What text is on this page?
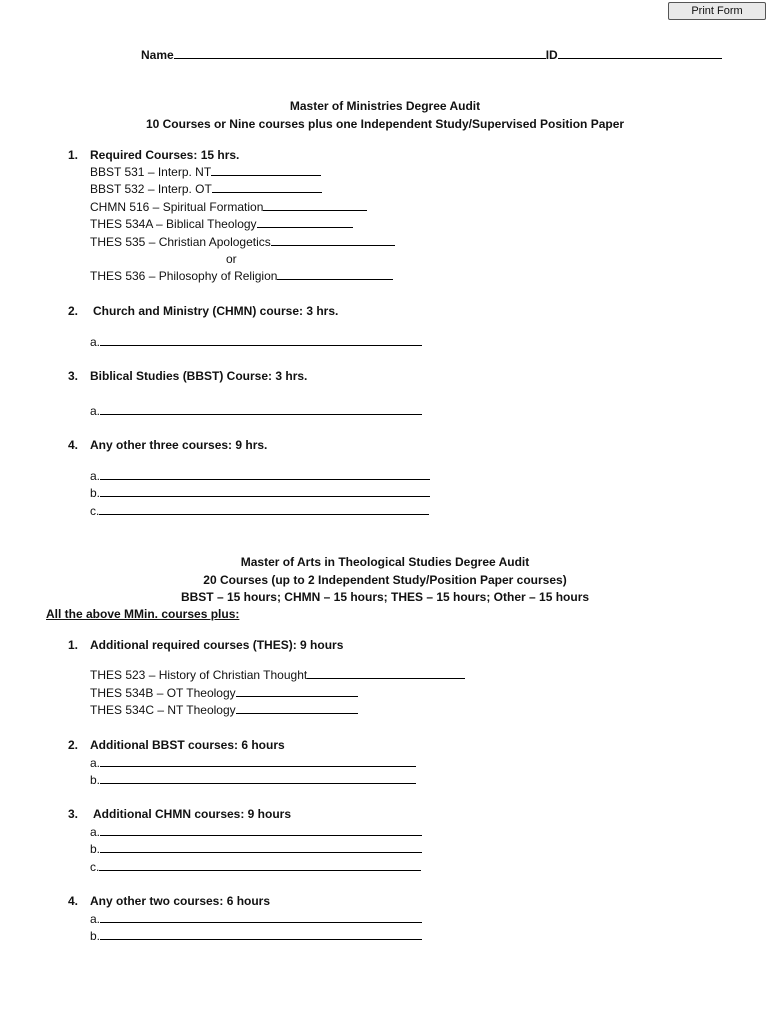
Print Form
Name	ID
Master of Ministries Degree Audit
10 Courses or Nine courses plus one Independent Study/Supervised Position Paper
1. Required Courses: 15 hrs.
BBST 531 – Interp. NT
BBST 532 – Interp. OT
CHMN 516 – Spiritual Formation
THES 534A – Biblical Theology
THES 535 – Christian Apologetics
or
THES 536 – Philosophy of Religion
2. Church and Ministry (CHMN) course: 3 hrs.
a.
3. Biblical Studies (BBST) Course: 3 hrs.
a.
4. Any other three courses: 9 hrs.
a.
b.
c.
Master of Arts in Theological Studies Degree Audit
20 Courses (up to 2 Independent Study/Position Paper courses)
BBST – 15 hours; CHMN – 15 hours; THES – 15 hours; Other – 15 hours
All the above MMin. courses plus:
1. Additional required courses (THES): 9 hours
THES 523 – History of Christian Thought
THES 534B – OT Theology
THES 534C – NT Theology
2. Additional BBST courses: 6 hours
a.
b.
3. Additional CHMN courses: 9 hours
a.
b.
c.
4. Any other two courses: 6 hours
a.
b.
